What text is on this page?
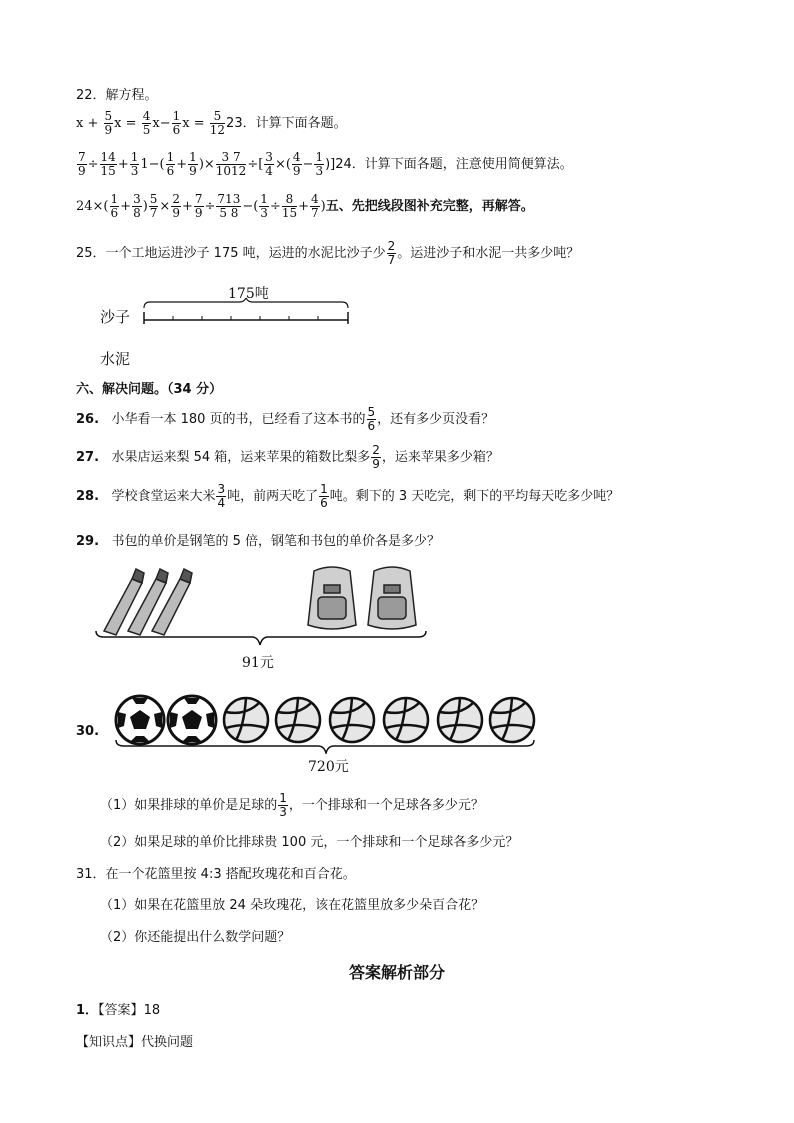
22．解方程。
$x + \frac{5}{9}$ $x = \frac{4}{5} x- \frac{1}{6}$ $x = \frac{5}{12} 23$．计算下面各题。
$\frac{7}{9} \div \frac{14}{15} + \frac{1}{3} 1-( \frac{1}{6} + \frac{1}{9}$ )× $\frac{3 7}{1012}$ ÷[ $\frac{3}{4}$ ×( $\frac{4}{9} - \frac{1}{3} )]24$．计算下面各题，注意使用简便算法。
$24\times( \frac{1}{6} + \frac{3}{8}$ ) $\frac{5}{7} \times \frac{2}{9} + \frac{7}{9} \div \frac{713}{5 8}$ −( $\frac{1}{3} \div \frac{8}{15} + \frac{4}{7}$ )五、先把线段图补充完整，再解答。
25．一个工地运进沙子 175 吨，运进的水泥比沙子少 $\frac{2}{7}$ 。运进沙子和水泥一共多少吨？
175吨
沙子
水泥
六、解决问题。（34 分）
26. 小华看一本 180 页的书，已经看了这本书的 $\frac{5}{6}$ ，还有多少页没看？
27. 水果店运来梨 54 箱，运来苹果的箱数比梨多 $\frac{2}{9}$ ，运来苹果多少箱？
28. 学校食堂运来大米 $\frac{3}{4}$ 吨，前两天吃了 $\frac{1}{6}$ 吨。剩下的 3 天吃完，剩下的平均每天吃多少吨？
29. 书包的单价是钢笔的 5 倍，钢笔和书包的单价各是多少？
91元
30.
720元
（1）如果排球的单价是足球的 $\frac{1}{3}$ ，一个排球和一个足球各多少元？
（2）如果足球的单价比排球贵 100 元，一个排球和一个足球各多少元？
31．在一个花篮里按 4:3 搭配玫瑰花和百合花。
（1）如果在花篮里放 24 朵玫瑰花，该在花篮里放多少朵百合花？
（2）你还能提出什么数学问题？
答案解析部分
1．【答案】18
【知识点】代换问题
